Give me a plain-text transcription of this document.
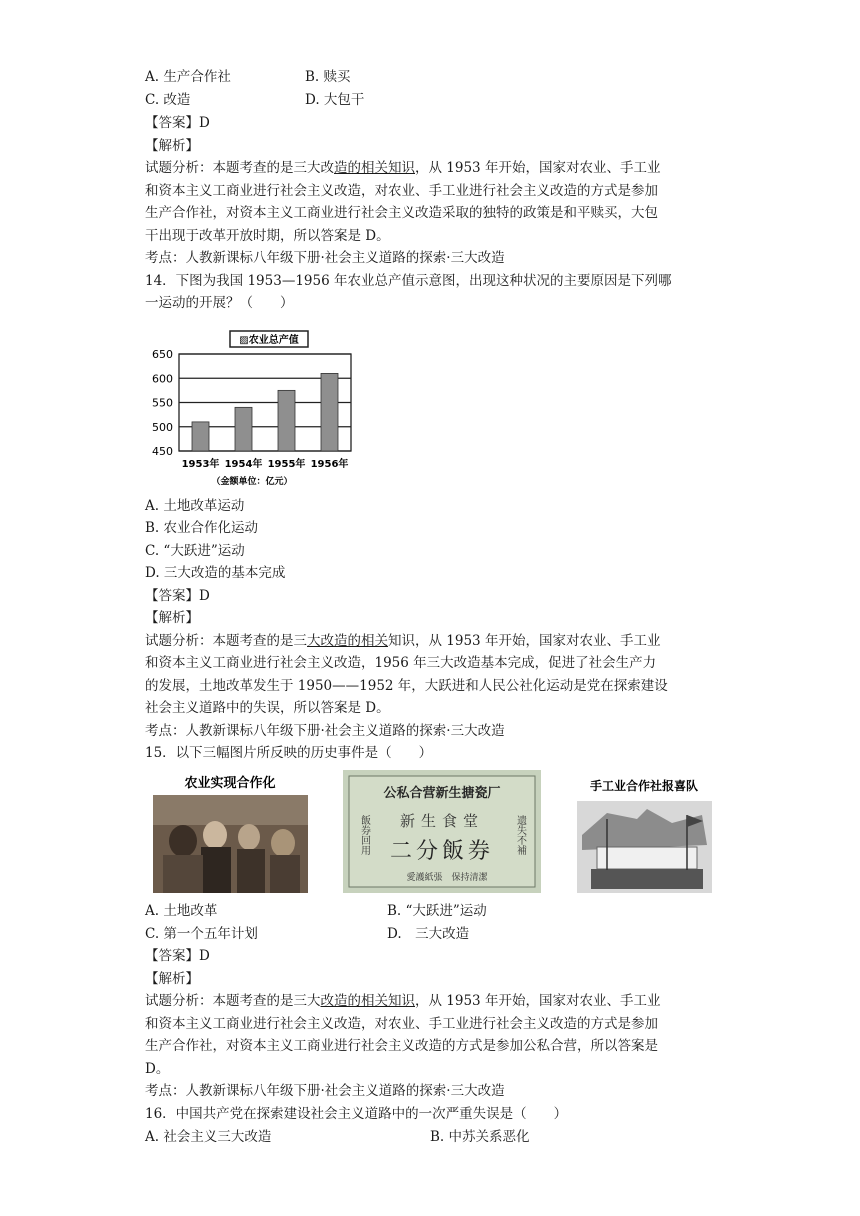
A. 生产合作社	B. 赎买
C. 改造	D. 大包干
【答案】D
【解析】
试题分析：本题考查的是三大改造的相关知识，从 1953 年开始，国家对农业、手工业
和资本主义工商业进行社会主义改造，对农业、手工业进行社会主义改造的方式是参加
生产合作社，对资本主义工商业进行社会主义改造采取的独特的政策是和平赎买，大包
干出现于改革开放时期，所以答案是 D。
考点：人教新课标八年级下册·社会主义道路的探索·三大改造
14．下图为我国 1953—1956 年农业总产值示意图，出现这种状况的主要原因是下列哪
一运动的开展？（　　）
▨农业总产值
650
600
550
500
450
1953年 1954年 1955年 1956年
（金额单位：亿元）
A. 土地改革运动
B. 农业合作化运动
C. “大跃进”运动
D. 三大改造的基本完成
【答案】D
【解析】
试题分析：本题考查的是三大改造的相关知识，从 1953 年开始，国家对农业、手工业
和资本主义工商业进行社会主义改造，1956 年三大改造基本完成，促进了社会生产力
的发展，土地改革发生于 1950——1952 年，大跃进和人民公社化运动是党在探索建设
社会主义道路中的失误，所以答案是 D。
考点：人教新课标八年级下册·社会主义道路的探索·三大改造
15．以下三幅图片所反映的历史事件是（　　）
农业实现合作化
公私合营新生搪瓷厂
新生食堂
二分飯券
飯券回用	遗失不補
愛護紙張　保持清潔
手工业合作社报喜队
A. 土地改革	B. “大跃进”运动
C. 第一个五年计划	D.　三大改造
【答案】D
【解析】
试题分析：本题考查的是三大改造的相关知识，从 1953 年开始，国家对农业、手工业
和资本主义工商业进行社会主义改造，对农业、手工业进行社会主义改造的方式是参加
生产合作社，对资本主义工商业进行社会主义改造的方式是参加公私合营，所以答案是
D。
考点：人教新课标八年级下册·社会主义道路的探索·三大改造
16．中国共产党在探索建设社会主义道路中的一次严重失误是（　　）
A. 社会主义三大改造	B. 中苏关系恶化
